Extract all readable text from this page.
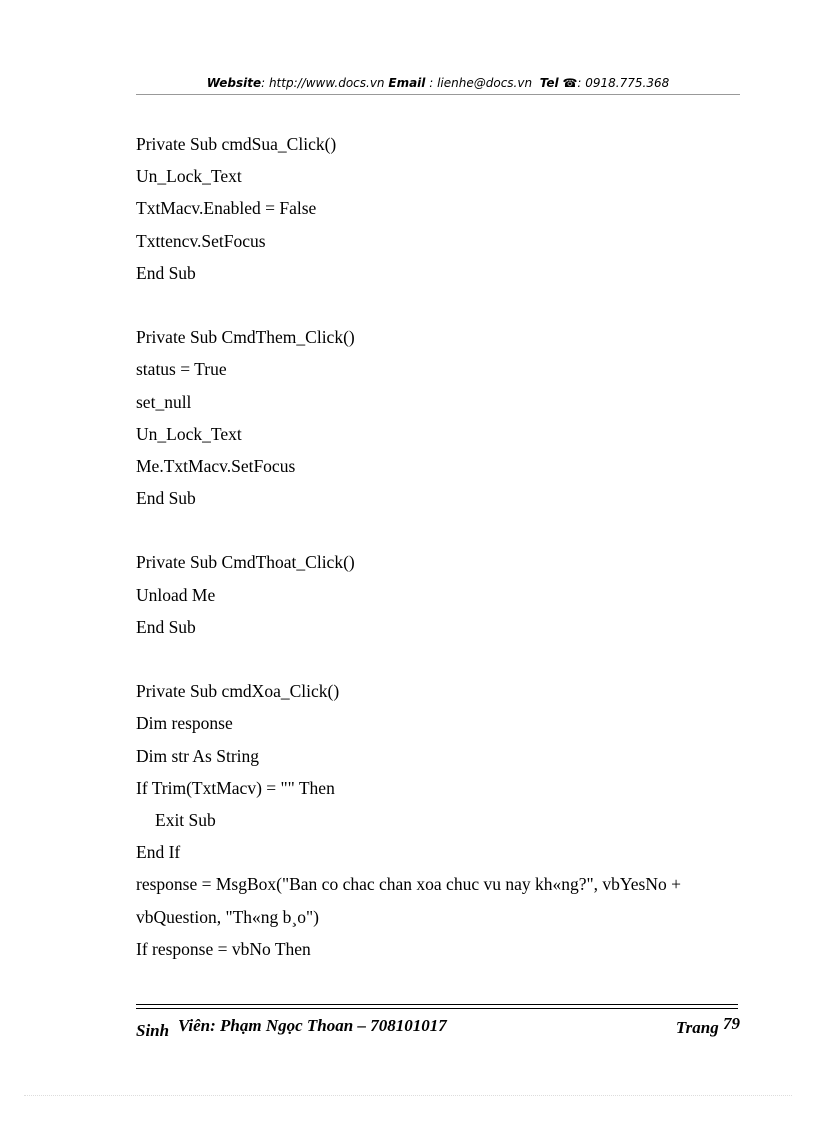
Website: http://www.docs.vn Email : lienhe@docs.vn Tel ☎: 0918.775.368
Private Sub cmdSua_Click()
Un_Lock_Text
TxtMacv.Enabled = False
Txttencv.SetFocus
End Sub
Private Sub CmdThem_Click()
status = True
set_null
Un_Lock_Text
Me.TxtMacv.SetFocus
End Sub
Private Sub CmdThoat_Click()
Unload Me
End Sub
Private Sub cmdXoa_Click()
Dim response
Dim str As String
If Trim(TxtMacv) = "" Then
Exit Sub
End If
response = MsgBox("Ban co chac chan xoa chuc vu nay kh«ng?", vbYesNo +
vbQuestion, "Th«ng b¸o")
If response = vbNo Then
Sinh Viên: Phạm Ngọc Thoan – 708101017	Trang 79
